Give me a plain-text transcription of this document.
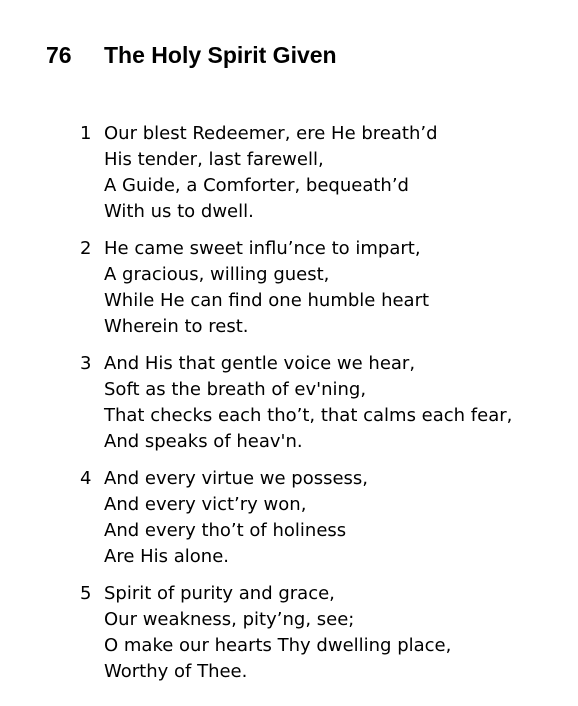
76 The Holy Spirit Given
1 Our blest Redeemer, ere He breath’d
His tender, last farewell,
A Guide, a Comforter, bequeath’d
With us to dwell.
2 He came sweet influ’nce to impart,
A gracious, willing guest,
While He can find one humble heart
Wherein to rest.
3 And His that gentle voice we hear,
Soft as the breath of ev'ning,
That checks each tho’t, that calms each fear,
And speaks of heav'n.
4 And every virtue we possess,
And every vict’ry won,
And every tho’t of holiness
Are His alone.
5 Spirit of purity and grace,
Our weakness, pity’ng, see;
O make our hearts Thy dwelling place,
Worthy of Thee.
